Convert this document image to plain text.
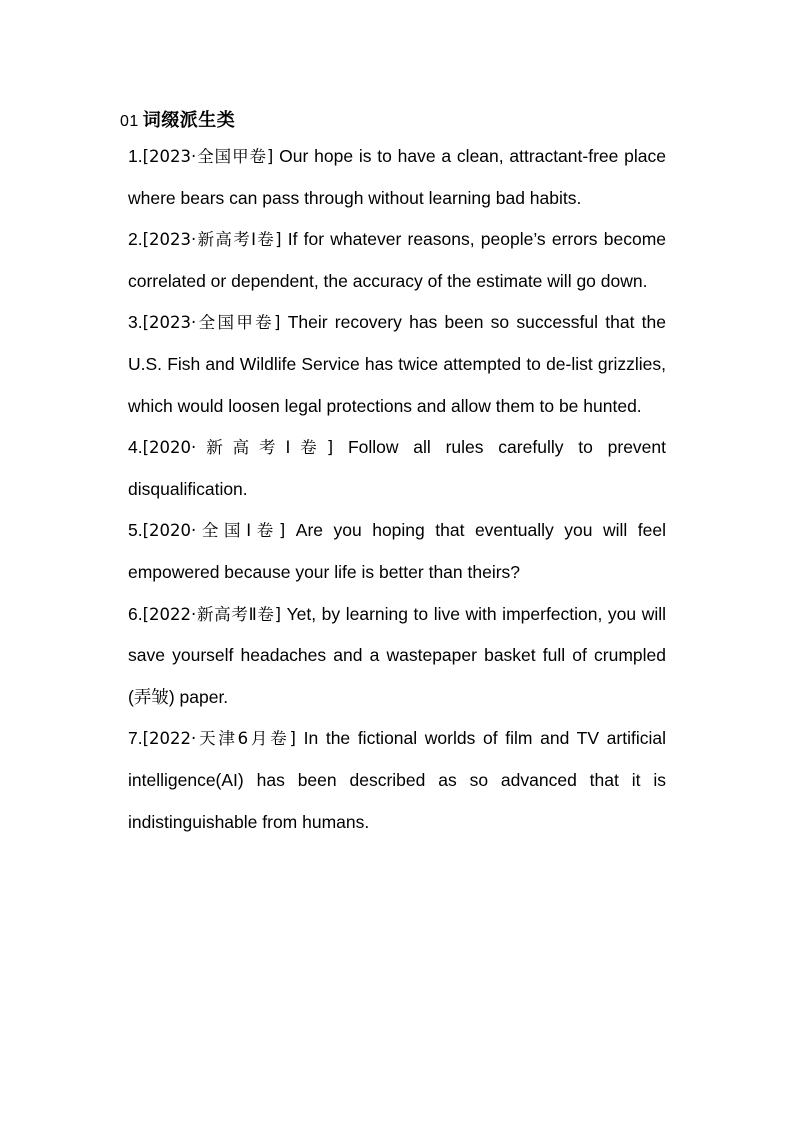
01 词缀派生类

1.[2023·全国甲卷] Our hope is to have a clean, attractant-free place where bears can pass through without learning bad habits.

2.[2023·新高考Ⅰ卷] If for whatever reasons, people’s errors become correlated or dependent, the accuracy of the estimate will go down.

3.[2023·全国甲卷] Their recovery has been so successful that the U.S. Fish and Wildlife Service has twice attempted to de-list grizzlies, which would loosen legal protections and allow them to be hunted.

4.[2020·新高考Ⅰ卷] Follow all rules carefully to prevent disqualification.

5.[2020·全国Ⅰ卷] Are you hoping that eventually you will feel empowered because your life is better than theirs?

6.[2022·新高考Ⅱ卷] Yet, by learning to live with imperfection, you will save yourself headaches and a wastepaper basket full of crumpled (弄皱) paper.

7.[2022·天津6月卷] In the fictional worlds of film and TV artificial intelligence(AI) has been described as so advanced that it is indistinguishable from humans.
